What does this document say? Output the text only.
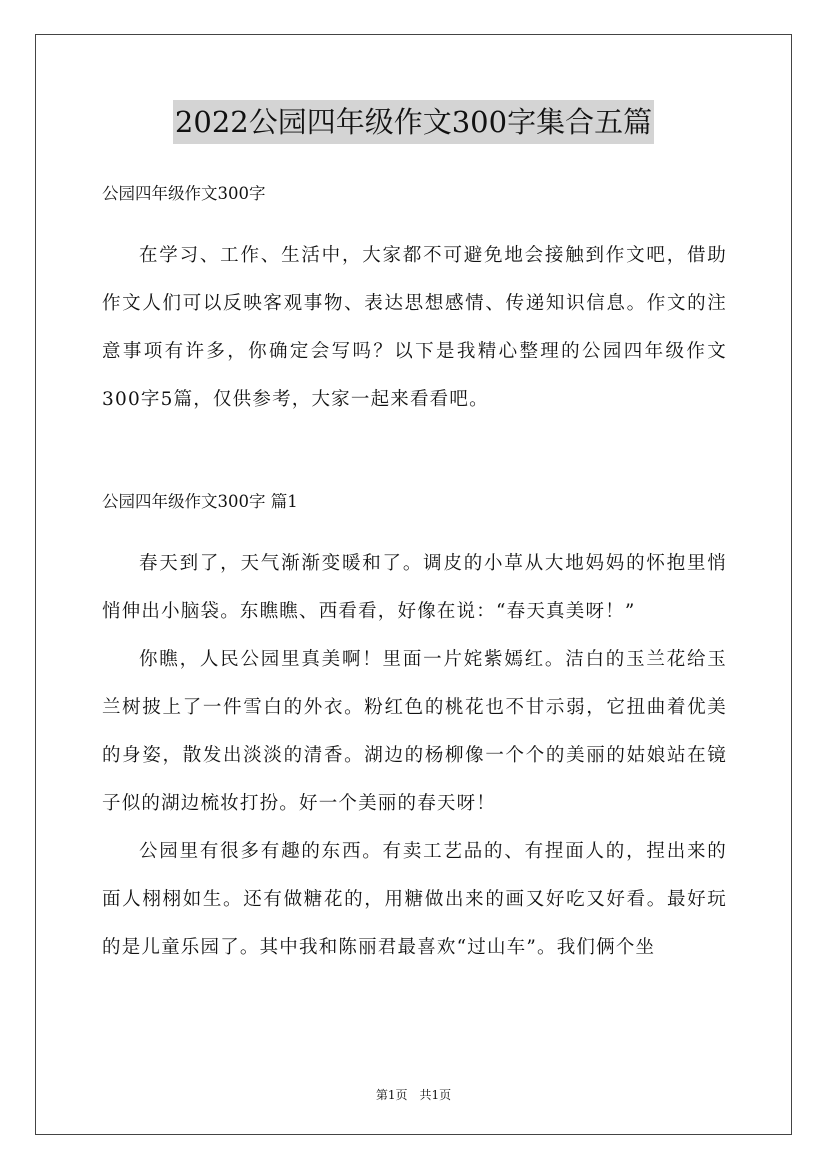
2022公园四年级作文300字集合五篇

公园四年级作文300字

在学习、工作、生活中，大家都不可避免地会接触到作文吧，借助作文人们可以反映客观事物、表达思想感情、传递知识信息。作文的注意事项有许多，你确定会写吗？以下是我精心整理的公园四年级作文300字5篇，仅供参考，大家一起来看看吧。

公园四年级作文300字 篇1

春天到了，天气渐渐变暖和了。调皮的小草从大地妈妈的怀抱里悄悄伸出小脑袋。东瞧瞧、西看看，好像在说：“春天真美呀！”

你瞧，人民公园里真美啊！里面一片姹紫嫣红。洁白的玉兰花给玉兰树披上了一件雪白的外衣。粉红色的桃花也不甘示弱，它扭曲着优美的身姿，散发出淡淡的清香。湖边的杨柳像一个个的美丽的姑娘站在镜子似的湖边梳妆打扮。好一个美丽的春天呀！

公园里有很多有趣的东西。有卖工艺品的、有捏面人的，捏出来的面人栩栩如生。还有做糖花的，用糖做出来的画又好吃又好看。最好玩的是儿童乐园了。其中我和陈丽君最喜欢“过山车”。我们俩个坐

第1页　共1页
